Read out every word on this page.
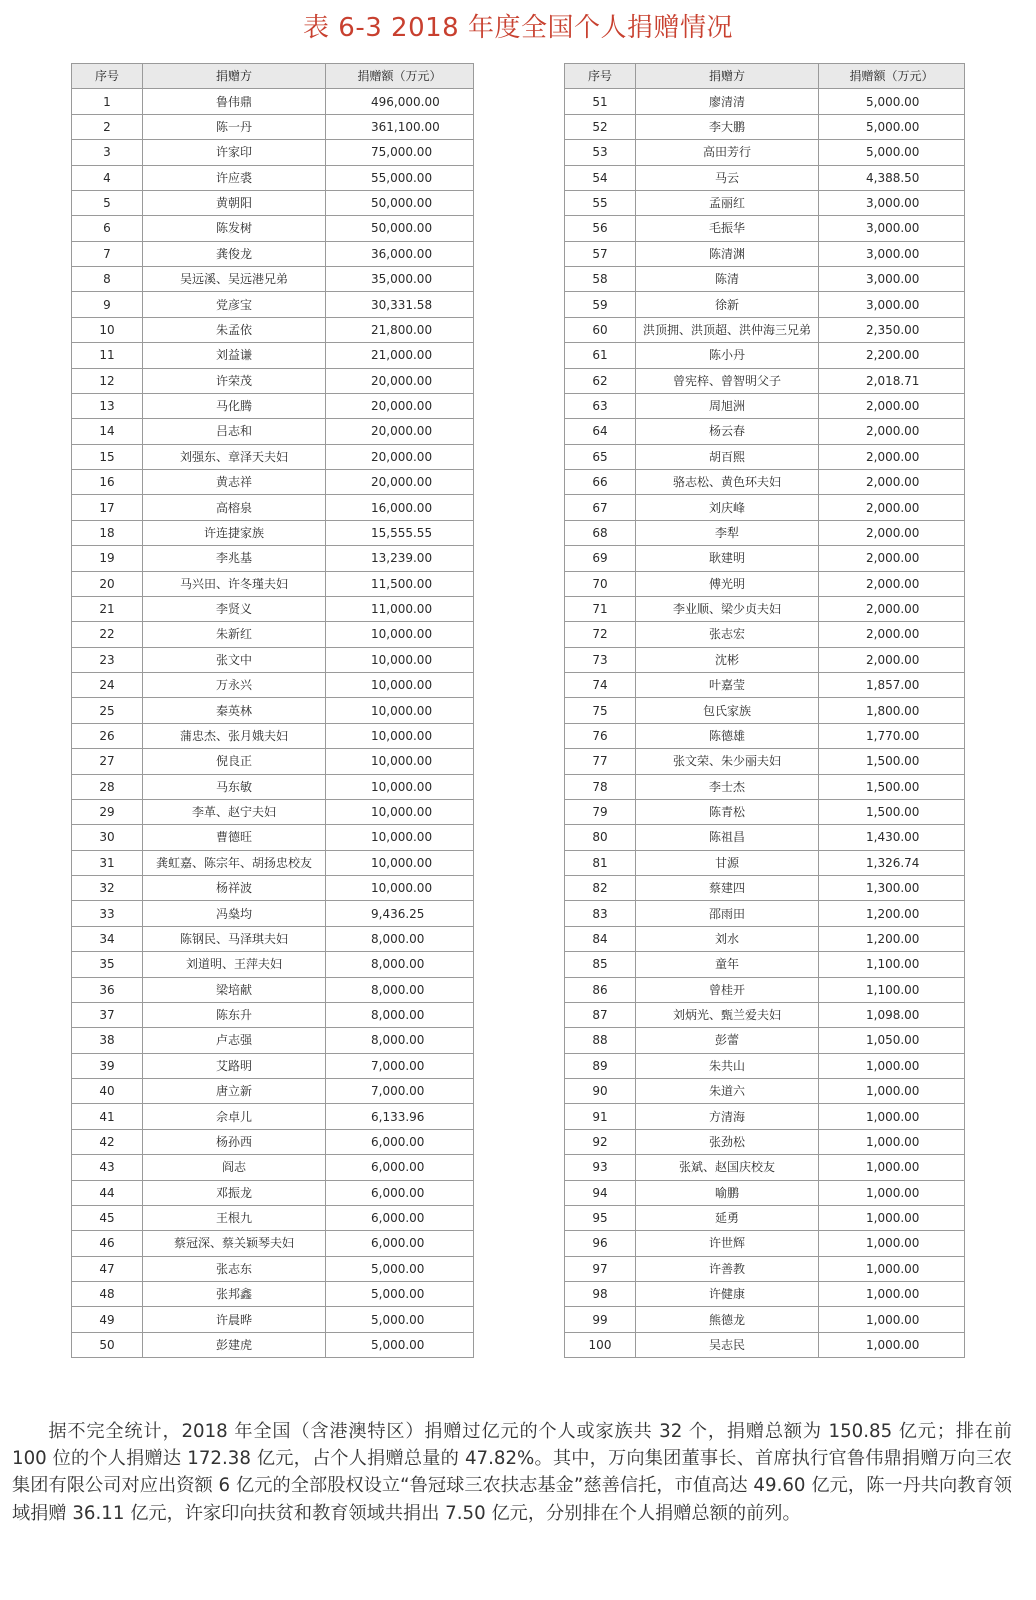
表 6-3 2018 年度全国个人捐赠情况
序号	捐赠方	捐赠额（万元）
1	鲁伟鼎	496,000.00
2	陈一丹	361,100.00
3	许家印	75,000.00
4	许应裘	55,000.00
5	黄朝阳	50,000.00
6	陈发树	50,000.00
7	龚俊龙	36,000.00
8	吴远溪、吴远港兄弟	35,000.00
9	党彦宝	30,331.58
10	朱孟依	21,800.00
11	刘益谦	21,000.00
12	许荣茂	20,000.00
13	马化腾	20,000.00
14	吕志和	20,000.00
15	刘强东、章泽天夫妇	20,000.00
16	黄志祥	20,000.00
17	高榕泉	16,000.00
18	许连捷家族	15,555.55
19	李兆基	13,239.00
20	马兴田、许冬瑾夫妇	11,500.00
21	李贤义	11,000.00
22	朱新红	10,000.00
23	张文中	10,000.00
24	万永兴	10,000.00
25	秦英林	10,000.00
26	蒲忠杰、张月娥夫妇	10,000.00
27	倪良正	10,000.00
28	马东敏	10,000.00
29	李革、赵宁夫妇	10,000.00
30	曹德旺	10,000.00
31	龚虹嘉、陈宗年、胡扬忠校友	10,000.00
32	杨祥波	10,000.00
33	冯燊均	9,436.25
34	陈钢民、马泽琪夫妇	8,000.00
35	刘道明、王萍夫妇	8,000.00
36	梁培献	8,000.00
37	陈东升	8,000.00
38	卢志强	8,000.00
39	艾路明	7,000.00
40	唐立新	7,000.00
41	佘卓儿	6,133.96
42	杨孙西	6,000.00
43	阎志	6,000.00
44	邓振龙	6,000.00
45	王根九	6,000.00
46	蔡冠深、蔡关颖琴夫妇	6,000.00
47	张志东	5,000.00
48	张邦鑫	5,000.00
49	许晨晔	5,000.00
50	彭建虎	5,000.00
序号	捐赠方	捐赠额（万元）
51	廖清清	5,000.00
52	李大鹏	5,000.00
53	高田芳行	5,000.00
54	马云	4,388.50
55	孟丽红	3,000.00
56	毛振华	3,000.00
57	陈清渊	3,000.00
58	陈清	3,000.00
59	徐新	3,000.00
60	洪顶拥、洪顶超、洪仲海三兄弟	2,350.00
61	陈小丹	2,200.00
62	曾宪梓、曾智明父子	2,018.71
63	周旭洲	2,000.00
64	杨云春	2,000.00
65	胡百熙	2,000.00
66	骆志松、黄色环夫妇	2,000.00
67	刘庆峰	2,000.00
68	李犁	2,000.00
69	耿建明	2,000.00
70	傅光明	2,000.00
71	李业顺、梁少贞夫妇	2,000.00
72	张志宏	2,000.00
73	沈彬	2,000.00
74	叶嘉莹	1,857.00
75	包氏家族	1,800.00
76	陈德雄	1,770.00
77	张文荣、朱少丽夫妇	1,500.00
78	李士杰	1,500.00
79	陈青松	1,500.00
80	陈祖昌	1,430.00
81	甘源	1,326.74
82	蔡建四	1,300.00
83	邵雨田	1,200.00
84	刘水	1,200.00
85	童年	1,100.00
86	曾桂开	1,100.00
87	刘炳光、甄兰爱夫妇	1,098.00
88	彭蕾	1,050.00
89	朱共山	1,000.00
90	朱道六	1,000.00
91	方清海	1,000.00
92	张劲松	1,000.00
93	张斌、赵国庆校友	1,000.00
94	喻鹏	1,000.00
95	延勇	1,000.00
96	许世辉	1,000.00
97	许善教	1,000.00
98	许健康	1,000.00
99	熊德龙	1,000.00
100	吴志民	1,000.00

据不完全统计，2018 年全国（含港澳特区）捐赠过亿元的个人或家族共 32 个，捐赠总额为 150.85 亿元；排在前 100 位的个人捐赠达 172.38 亿元，占个人捐赠总量的 47.82%。其中，万向集团董事长、首席执行官鲁伟鼎捐赠万向三农集团有限公司对应出资额 6 亿元的全部股权设立“鲁冠球三农扶志基金”慈善信托，市值高达 49.60 亿元，陈一丹共向教育领域捐赠 36.11 亿元，许家印向扶贫和教育领域共捐出 7.50 亿元，分别排在个人捐赠总额的前列。
